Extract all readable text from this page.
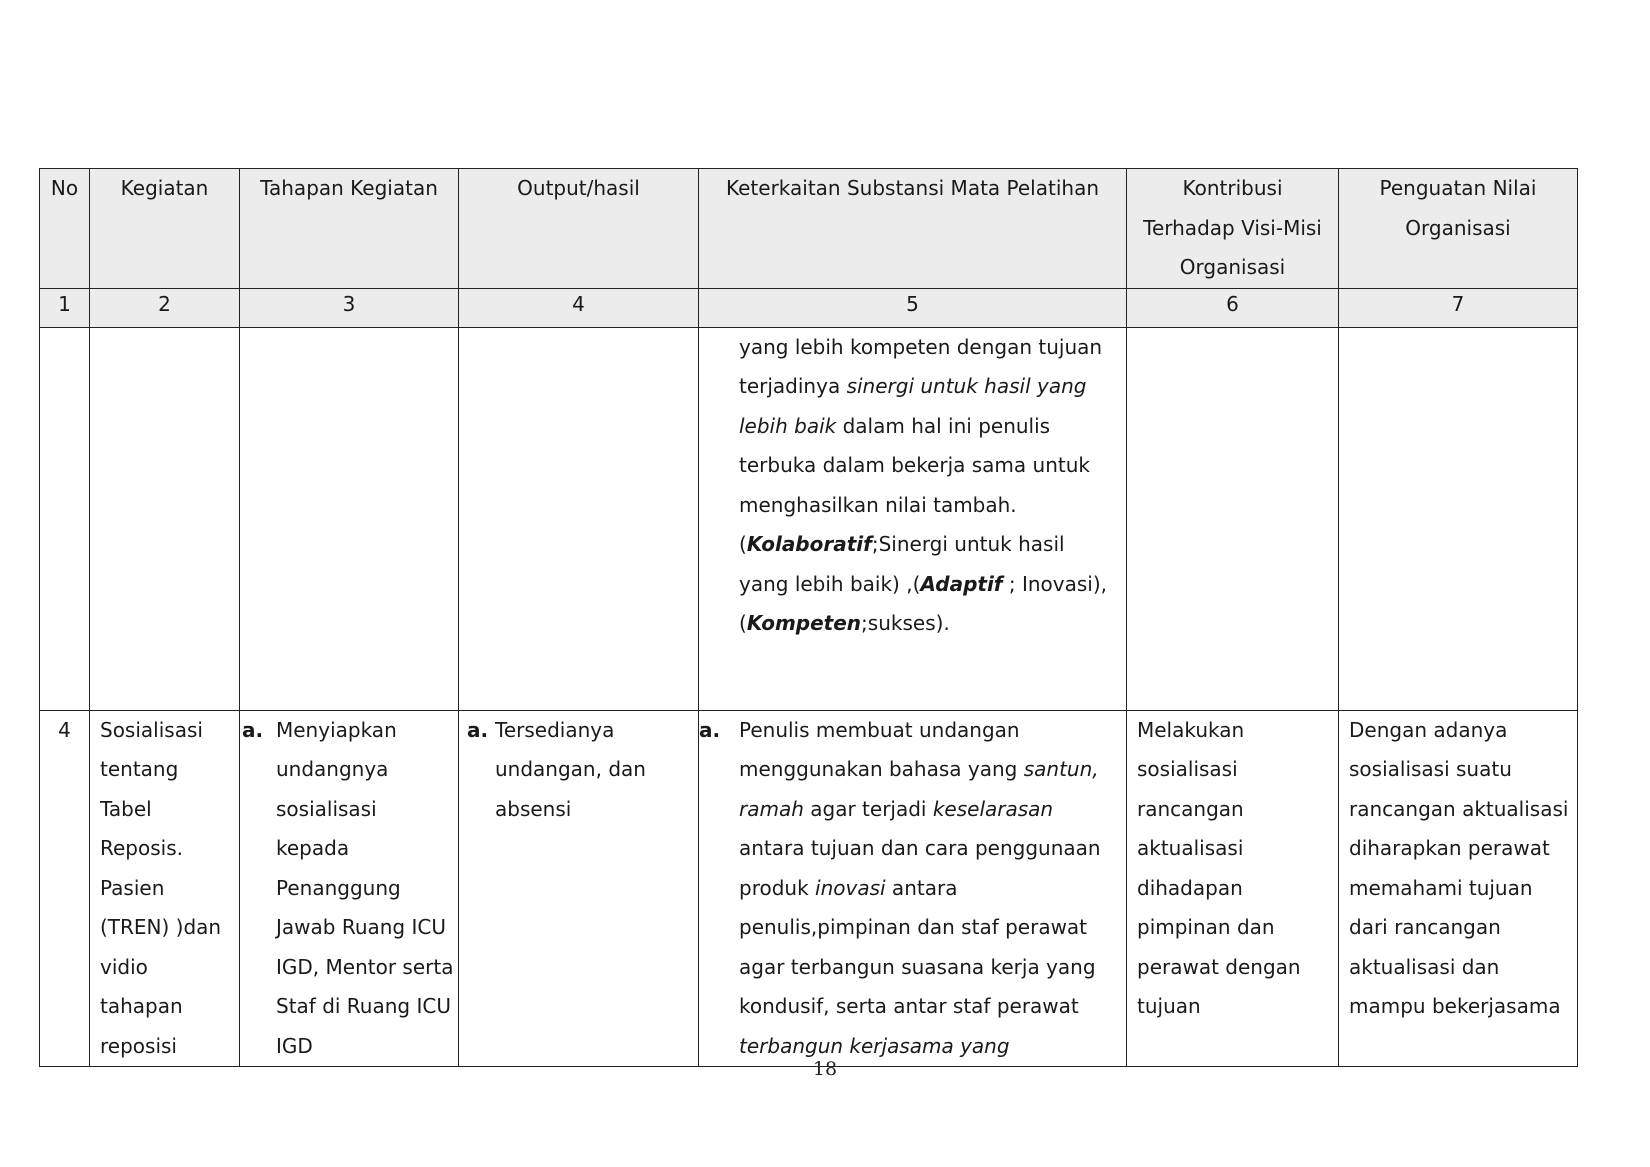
No	Kegiatan	Tahapan Kegiatan	Output/hasil	Keterkaitan Substansi Mata Pelatihan	Kontribusi Terhadap Visi-Misi Organisasi	Penguatan Nilai Organisasi
1	2	3	4	5	6	7
				yang lebih kompeten dengan tujuan terjadinya sinergi untuk hasil yang lebih baik dalam hal ini penulis terbuka dalam bekerja sama untuk menghasilkan nilai tambah.(Kolaboratif;Sinergi untuk hasil yang lebih baik) ,(Adaptif ; Inovasi), (Kompeten;sukses).		
4	Sosialisasi tentang Tabel Reposis. Pasien (TREN) )dan vidio tahapan reposisi	a. Menyiapkan undangnya sosialisasi kepada Penanggung Jawab Ruang ICU IGD, Mentor serta Staf di Ruang ICU IGD	a. Tersedianya undangan, dan absensi	a. Penulis membuat undangan menggunakan bahasa yang santun, ramah agar terjadi keselarasan antara tujuan dan cara penggunaan produk inovasi antara penulis,pimpinan dan staf perawat agar terbangun suasana kerja yang kondusif, serta antar staf perawat terbangun kerjasama yang	Melakukan sosialisasi rancangan aktualisasi dihadapan pimpinan dan perawat dengan tujuan	Dengan adanya sosialisasi suatu rancangan aktualisasi diharapkan perawat memahami tujuan dari rancangan aktualisasi dan mampu bekerjasama
18
